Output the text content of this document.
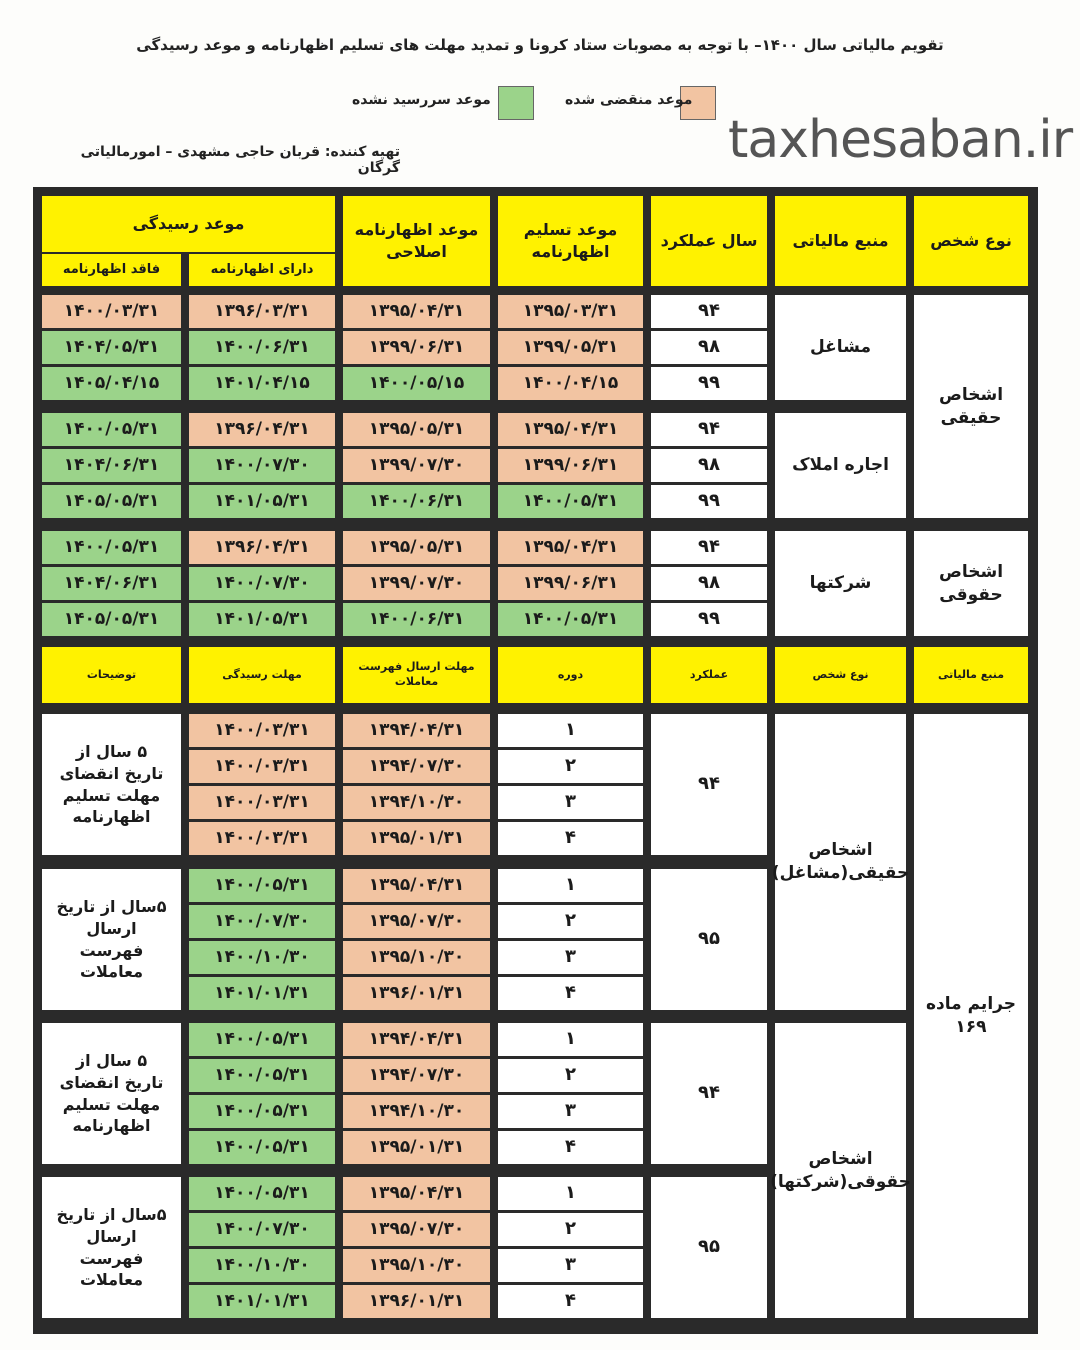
تقویم مالیاتی سال ۱۴۰۰– با توجه به مصوبات ستاد کرونا و تمدید مهلت های تسلیم اظهارنامه و موعد رسیدگی
موعد منقضی شده
موعد سررسید نشده
تهیه کننده: قربان حاجی مشهدی – امورمالیاتی گرگان	taxhesaban.ir
نوع شخص
منبع مالیاتی
سال عملکرد
موعد تسلیم اظهارنامه
موعد اظهارنامه اصلاحی
موعد رسیدگی
دارای اظهارنامه
فاقد اظهارنامه
اشخاص حقیقی
اشخاص حقوقی
مشاغل
۹۴
۱۳۹۵/۰۳/۳۱
۱۳۹۵/۰۴/۳۱
۱۳۹۶/۰۳/۳۱
۱۴۰۰/۰۳/۳۱
۹۸
۱۳۹۹/۰۵/۳۱
۱۳۹۹/۰۶/۳۱
۱۴۰۰/۰۶/۳۱
۱۴۰۴/۰۵/۳۱
۹۹
۱۴۰۰/۰۴/۱۵
۱۴۰۰/۰۵/۱۵
۱۴۰۱/۰۴/۱۵
۱۴۰۵/۰۴/۱۵
اجاره املاک
۹۴
۱۳۹۵/۰۴/۳۱
۱۳۹۵/۰۵/۳۱
۱۳۹۶/۰۴/۳۱
۱۴۰۰/۰۵/۳۱
۹۸
۱۳۹۹/۰۶/۳۱
۱۳۹۹/۰۷/۳۰
۱۴۰۰/۰۷/۳۰
۱۴۰۴/۰۶/۳۱
۹۹
۱۴۰۰/۰۵/۳۱
۱۴۰۰/۰۶/۳۱
۱۴۰۱/۰۵/۳۱
۱۴۰۵/۰۵/۳۱
شرکتها
۹۴
۱۳۹۵/۰۴/۳۱
۱۳۹۵/۰۵/۳۱
۱۳۹۶/۰۴/۳۱
۱۴۰۰/۰۵/۳۱
۹۸
۱۳۹۹/۰۶/۳۱
۱۳۹۹/۰۷/۳۰
۱۴۰۰/۰۷/۳۰
۱۴۰۴/۰۶/۳۱
۹۹
۱۴۰۰/۰۵/۳۱
۱۴۰۰/۰۶/۳۱
۱۴۰۱/۰۵/۳۱
۱۴۰۵/۰۵/۳۱
منبع مالیاتی
نوع شخص
عملکرد
دوره
مهلت ارسال فهرست معاملات
مهلت رسیدگی
توضیحات
جرایم ماده ۱۶۹
اشخاص حقیقی(مشاغل)
اشخاص حقوقی(شرکتها)
۹۴
۵ سال از تاریخ انقضای مهلت تسلیم اظهارنامه
۱
۱۳۹۴/۰۴/۳۱
۱۴۰۰/۰۳/۳۱
۲
۱۳۹۴/۰۷/۳۰
۱۴۰۰/۰۳/۳۱
۳
۱۳۹۴/۱۰/۳۰
۱۴۰۰/۰۳/۳۱
۴
۱۳۹۵/۰۱/۳۱
۱۴۰۰/۰۳/۳۱
۹۵
۵سال از تاریخ ارسال فهرست معاملات
۱
۱۳۹۵/۰۴/۳۱
۱۴۰۰/۰۵/۳۱
۲
۱۳۹۵/۰۷/۳۰
۱۴۰۰/۰۷/۳۰
۳
۱۳۹۵/۱۰/۳۰
۱۴۰۰/۱۰/۳۰
۴
۱۳۹۶/۰۱/۳۱
۱۴۰۱/۰۱/۳۱
۹۴
۵ سال از تاریخ انقضای مهلت تسلیم اظهارنامه
۱
۱۳۹۴/۰۴/۳۱
۱۴۰۰/۰۵/۳۱
۲
۱۳۹۴/۰۷/۳۰
۱۴۰۰/۰۵/۳۱
۳
۱۳۹۴/۱۰/۳۰
۱۴۰۰/۰۵/۳۱
۴
۱۳۹۵/۰۱/۳۱
۱۴۰۰/۰۵/۳۱
۹۵
۵سال از تاریخ ارسال فهرست معاملات
۱
۱۳۹۵/۰۴/۳۱
۱۴۰۰/۰۵/۳۱
۲
۱۳۹۵/۰۷/۳۰
۱۴۰۰/۰۷/۳۰
۳
۱۳۹۵/۱۰/۳۰
۱۴۰۰/۱۰/۳۰
۴
۱۳۹۶/۰۱/۳۱
۱۴۰۱/۰۱/۳۱
